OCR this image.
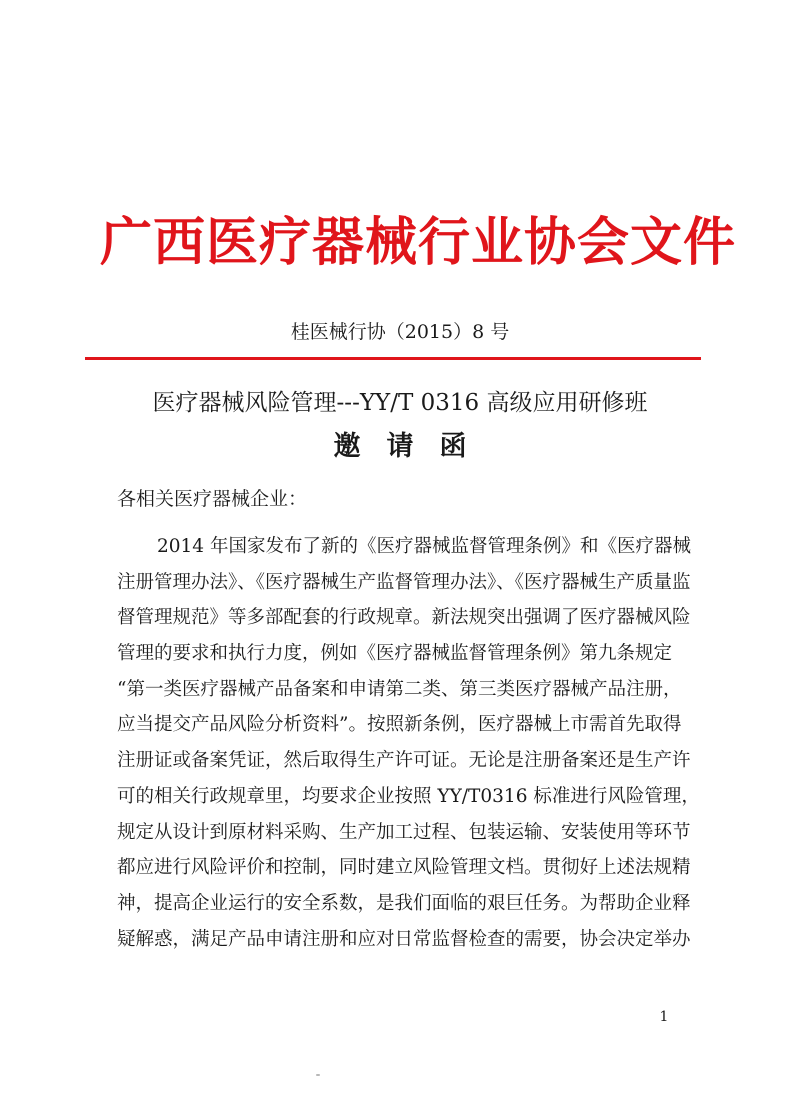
广西医疗器械行业协会文件
桂医械行协（2015）8 号
医疗器械风险管理---YY/T 0316 高级应用研修班
邀请函
各相关医疗器械企业：
2014 年国家发布了新的《医疗器械监督管理条例》和《医疗器械
注册管理办法》、《医疗器械生产监督管理办法》、《医疗器械生产质量监
督管理规范》等多部配套的行政规章。新法规突出强调了医疗器械风险
管理的要求和执行力度，例如《医疗器械监督管理条例》第九条规定
“第一类医疗器械产品备案和申请第二类、第三类医疗器械产品注册，
应当提交产品风险分析资料”。按照新条例，医疗器械上市需首先取得
注册证或备案凭证，然后取得生产许可证。无论是注册备案还是生产许
可的相关行政规章里，均要求企业按照 YY/T0316 标准进行风险管理，
规定从设计到原材料采购、生产加工过程、包装运输、安装使用等环节
都应进行风险评价和控制，同时建立风险管理文档。贯彻好上述法规精
神，提高企业运行的安全系数，是我们面临的艰巨任务。为帮助企业释
疑解惑，满足产品申请注册和应对日常监督检查的需要，协会决定举办
1
